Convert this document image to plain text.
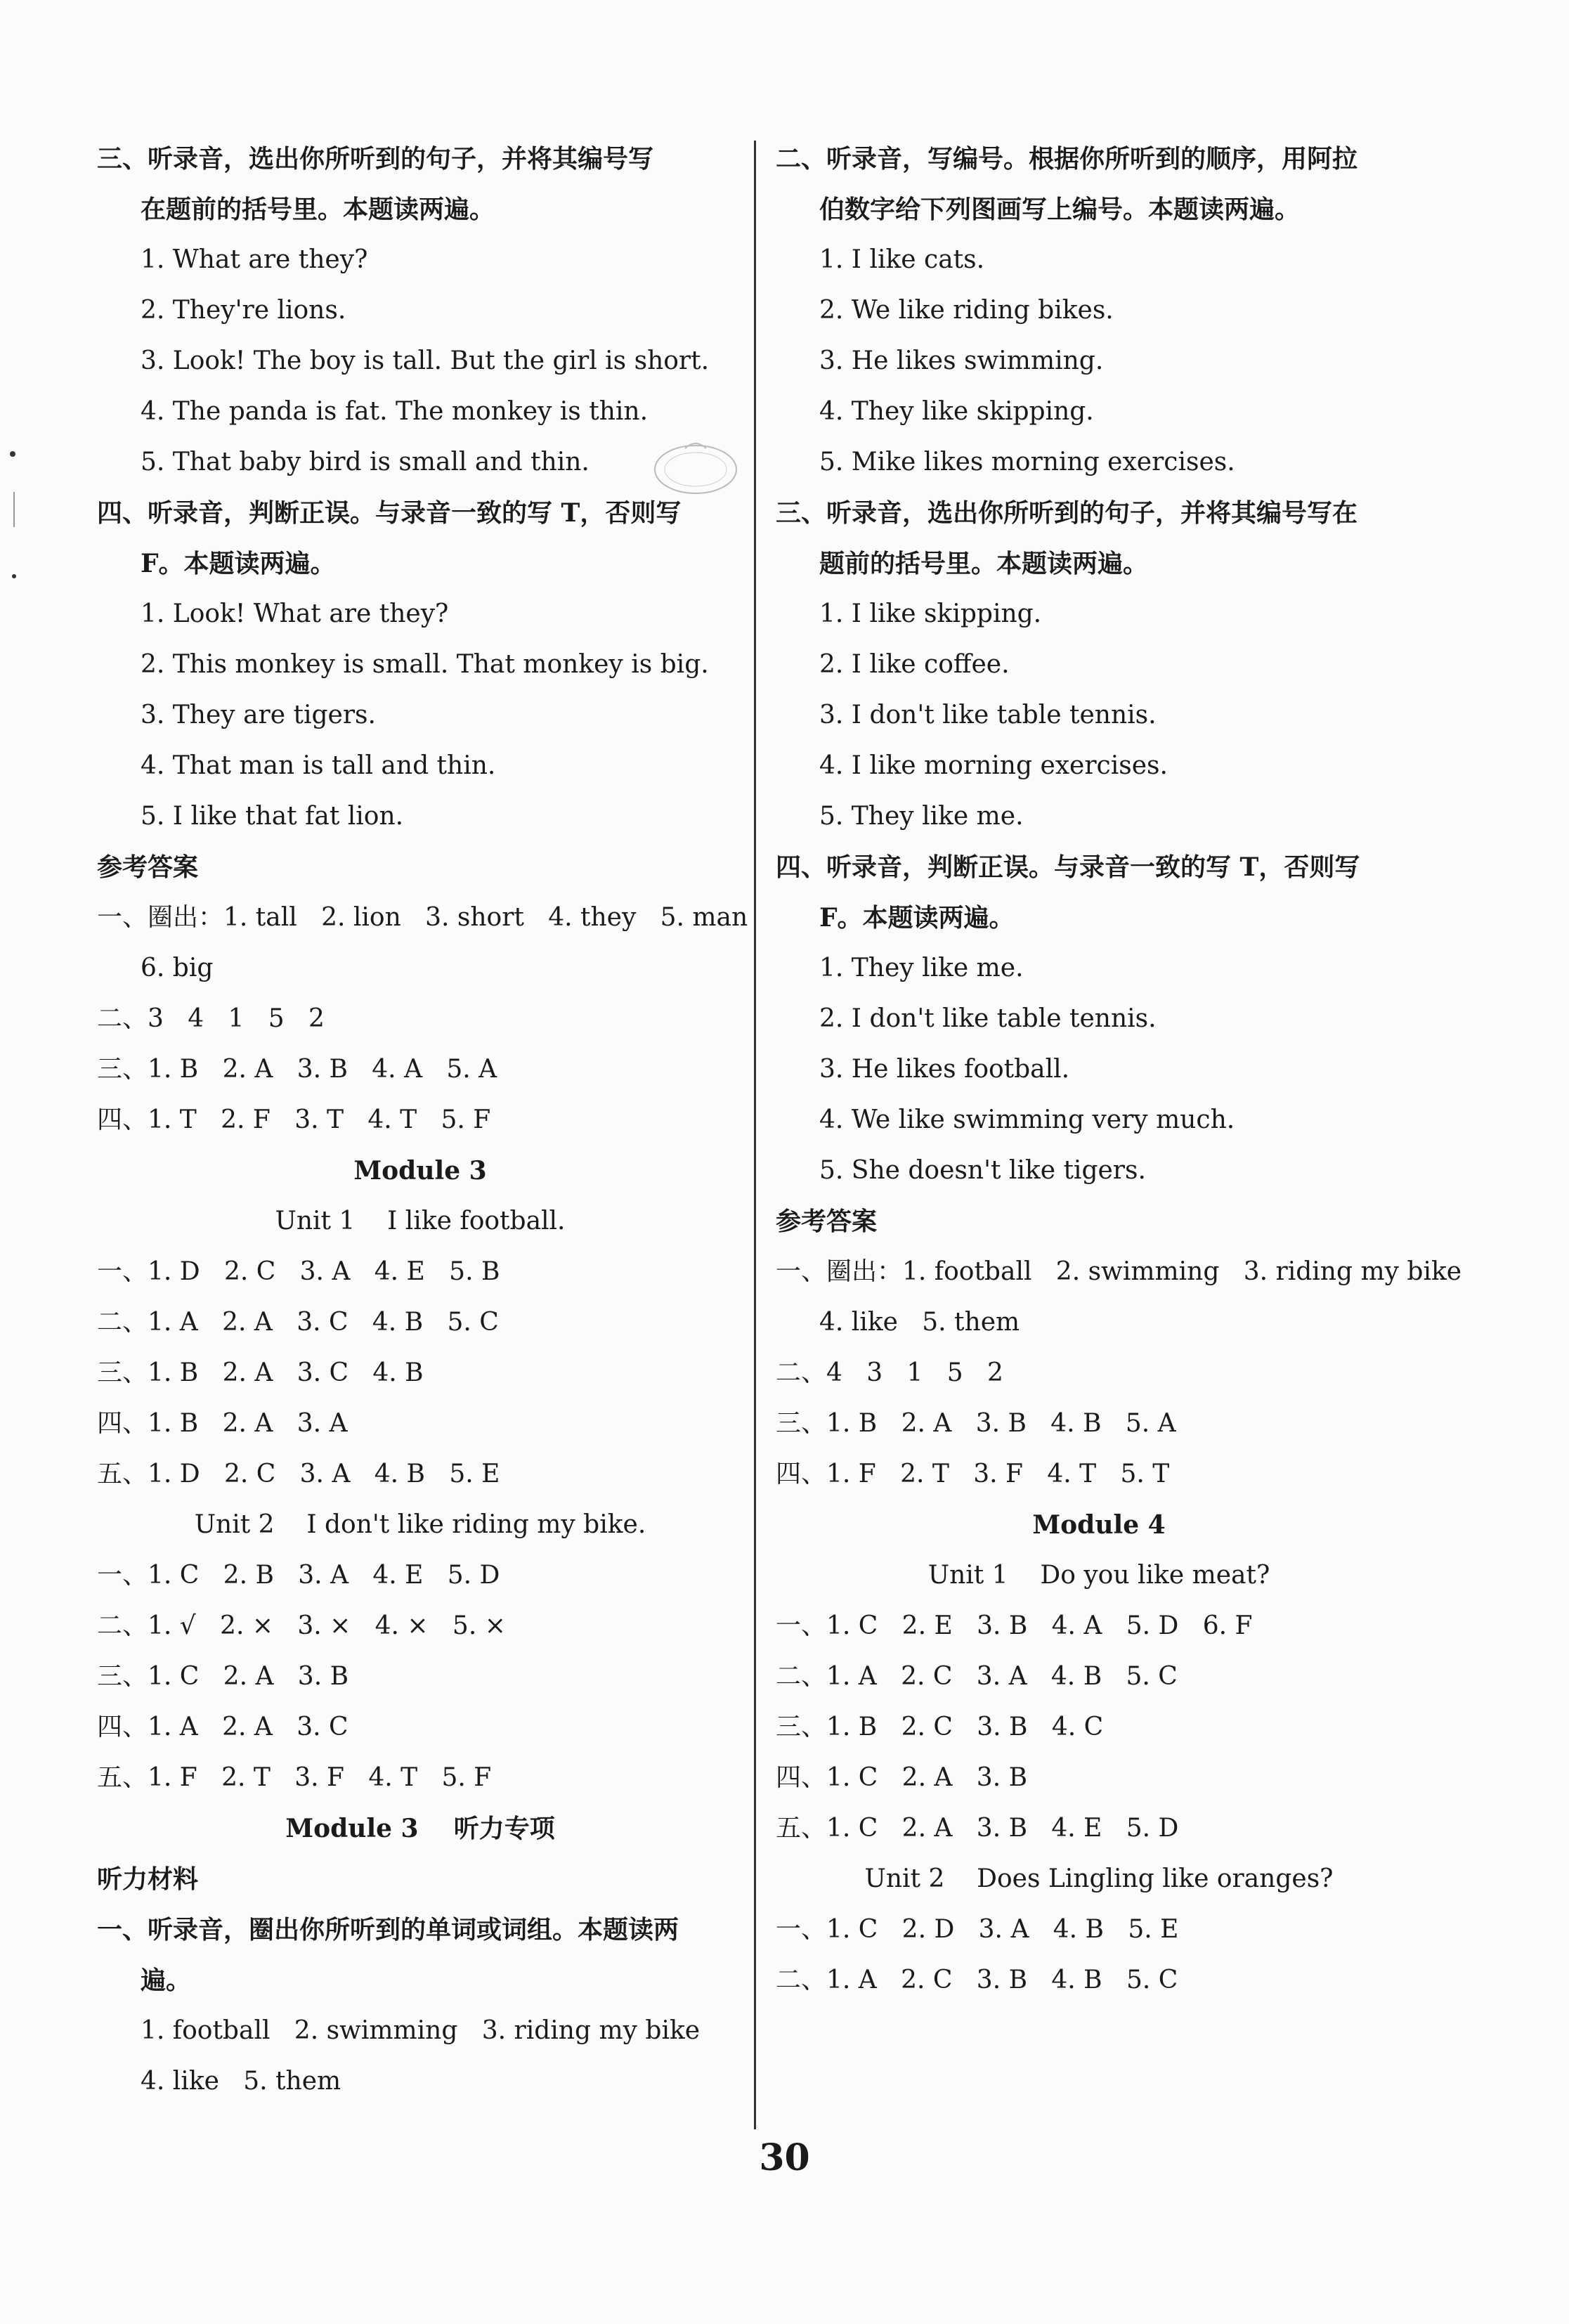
三、听录音，选出你所听到的句子，并将其编号写
在题前的括号里。本题读两遍。
1. What are they?
2. They're lions.
3. Look! The boy is tall. But the girl is short.
4. The panda is fat. The monkey is thin.
5. That baby bird is small and thin.
四、听录音，判断正误。与录音一致的写 T，否则写
F。本题读两遍。
1. Look! What are they?
2. This monkey is small. That monkey is big.
3. They are tigers.
4. That man is tall and thin.
5. I like that fat lion.
参考答案
一、圈出：1. tall   2. lion   3. short   4. they   5. man
6. big
二、3   4   1   5   2
三、1. B   2. A   3. B   4. A   5. A
四、1. T   2. F   3. T   4. T   5. F
Module 3
Unit 1    I like football.
一、1. D   2. C   3. A   4. E   5. B
二、1. A   2. A   3. C   4. B   5. C
三、1. B   2. A   3. C   4. B
四、1. B   2. A   3. A
五、1. D   2. C   3. A   4. B   5. E
Unit 2    I don't like riding my bike.
一、1. C   2. B   3. A   4. E   5. D
二、1. √   2. ×   3. ×   4. ×   5. ×
三、1. C   2. A   3. B
四、1. A   2. A   3. C
五、1. F   2. T   3. F   4. T   5. F
Module 3    听力专项
听力材料
一、听录音，圈出你所听到的单词或词组。本题读两
遍。
1. football   2. swimming   3. riding my bike
4. like   5. them
二、听录音，写编号。根据你所听到的顺序，用阿拉
伯数字给下列图画写上编号。本题读两遍。
1. I like cats.
2. We like riding bikes.
3. He likes swimming.
4. They like skipping.
5. Mike likes morning exercises.
三、听录音，选出你所听到的句子，并将其编号写在
题前的括号里。本题读两遍。
1. I like skipping.
2. I like coffee.
3. I don't like table tennis.
4. I like morning exercises.
5. They like me.
四、听录音，判断正误。与录音一致的写 T，否则写
F。本题读两遍。
1. They like me.
2. I don't like table tennis.
3. He likes football.
4. We like swimming very much.
5. She doesn't like tigers.
参考答案
一、圈出：1. football   2. swimming   3. riding my bike
4. like   5. them
二、4   3   1   5   2
三、1. B   2. A   3. B   4. B   5. A
四、1. F   2. T   3. F   4. T   5. T
Module 4
Unit 1    Do you like meat?
一、1. C   2. E   3. B   4. A   5. D   6. F
二、1. A   2. C   3. A   4. B   5. C
三、1. B   2. C   3. B   4. C
四、1. C   2. A   3. B
五、1. C   2. A   3. B   4. E   5. D
Unit 2    Does Lingling like oranges?
一、1. C   2. D   3. A   4. B   5. E
二、1. A   2. C   3. B   4. B   5. C
30
